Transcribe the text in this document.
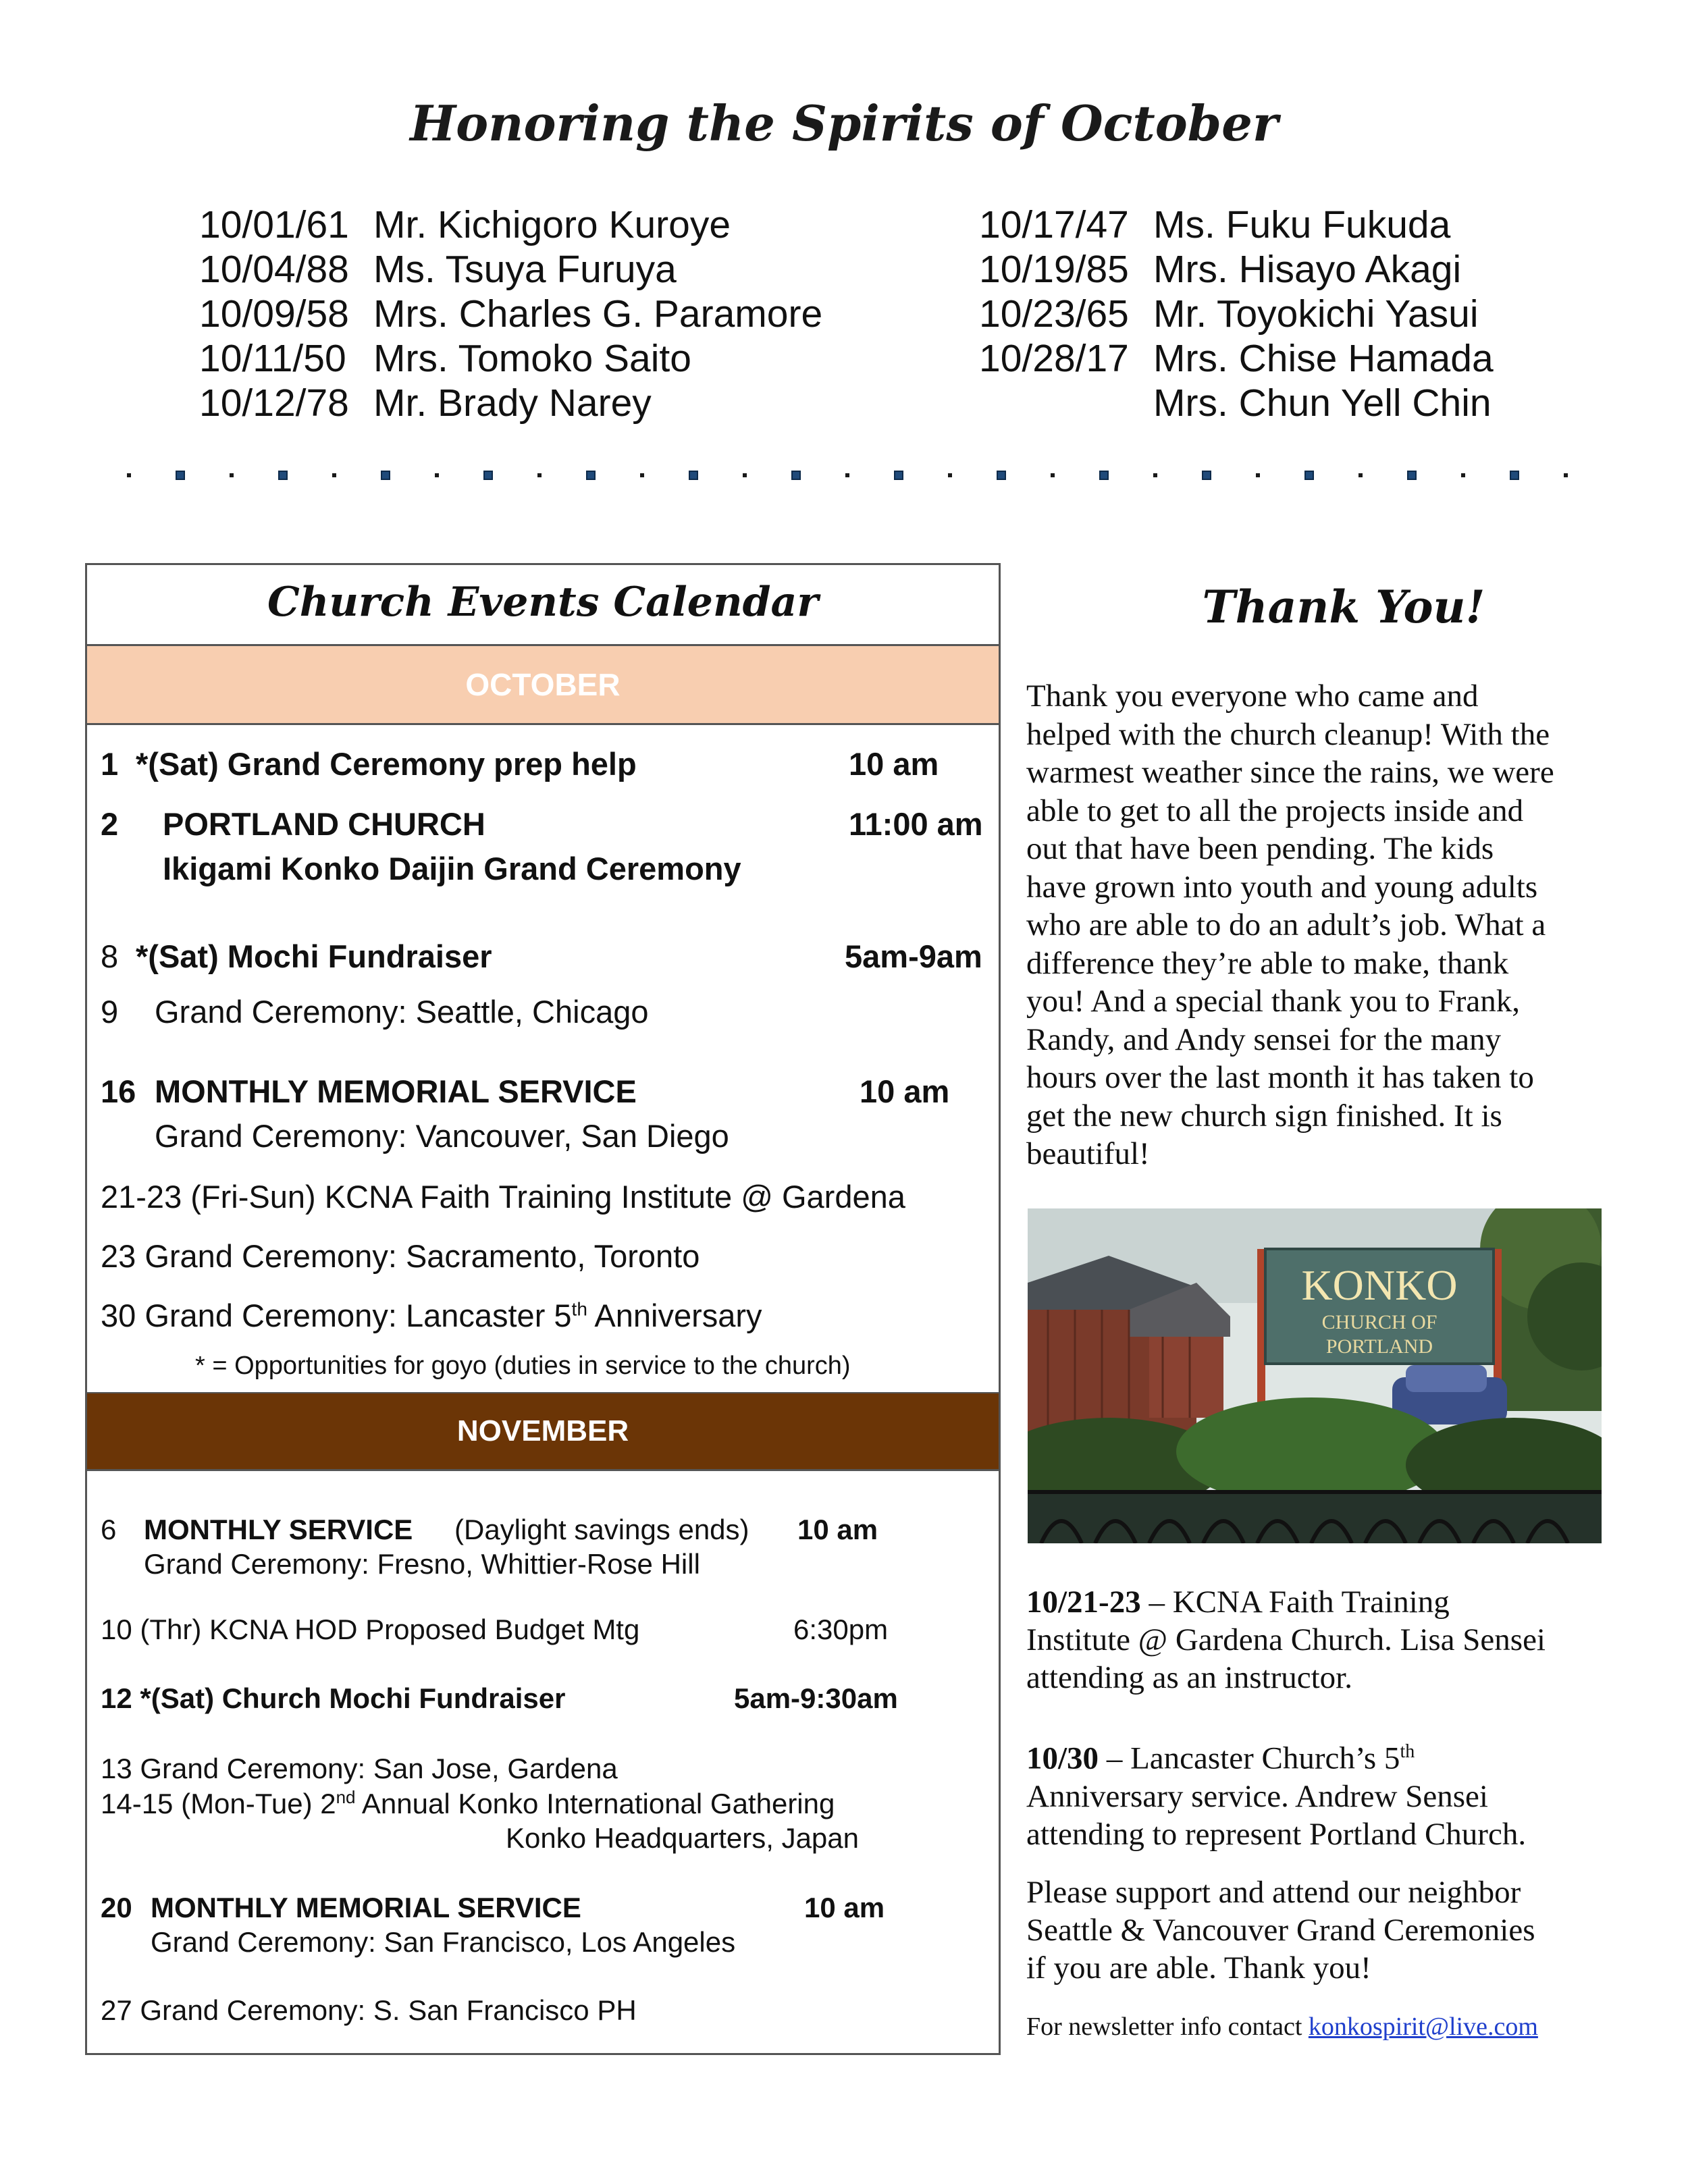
Honoring the Spirits of October
10/01/61 Mr. Kichigoro Kuroye
10/04/88 Ms. Tsuya Furuya
10/09/58 Mrs. Charles G. Paramore
10/11/50 Mrs. Tomoko Saito
10/12/78 Mr. Brady Narey
10/17/47 Ms. Fuku Fukuda
10/19/85 Mrs. Hisayo Akagi
10/23/65 Mr. Toyokichi Yasui
10/28/17 Mrs. Chise Hamada
Mrs. Chun Yell Chin
Church Events Calendar
OCTOBER
1 *(Sat) Grand Ceremony prep help	10 am
2 PORTLAND CHURCH	11:00 am
Ikigami Konko Daijin Grand Ceremony
8 *(Sat) Mochi Fundraiser	5am-9am
9 Grand Ceremony: Seattle, Chicago
16 MONTHLY MEMORIAL SERVICE	10 am
Grand Ceremony: Vancouver, San Diego
21-23 (Fri-Sun) KCNA Faith Training Institute @ Gardena
23 Grand Ceremony: Sacramento, Toronto
30 Grand Ceremony: Lancaster 5th Anniversary
* = Opportunities for goyo (duties in service to the church)
NOVEMBER
6 MONTHLY SERVICE (Daylight savings ends) 10 am
Grand Ceremony: Fresno, Whittier-Rose Hill
10 (Thr) KCNA HOD Proposed Budget Mtg	6:30pm
12 *(Sat) Church Mochi Fundraiser	5am-9:30am
13 Grand Ceremony: San Jose, Gardena
14-15 (Mon-Tue) 2nd Annual Konko International Gathering
Konko Headquarters, Japan
20 MONTHLY MEMORIAL SERVICE	10 am
Grand Ceremony: San Francisco, Los Angeles
27 Grand Ceremony: S. San Francisco PH
Thank You!
Thank you everyone who came and
helped with the church cleanup! With the
warmest weather since the rains, we were
able to get to all the projects inside and
out that have been pending. The kids
have grown into youth and young adults
who are able to do an adult’s job. What a
difference they’re able to make, thank
you! And a special thank you to Frank,
Randy, and Andy sensei for the many
hours over the last month it has taken to
get the new church sign finished. It is
beautiful!
KONKO
CHURCH OF
PORTLAND
10/21-23 – KCNA Faith Training
Institute @ Gardena Church. Lisa Sensei
attending as an instructor.
10/30 – Lancaster Church’s 5th
Anniversary service. Andrew Sensei
attending to represent Portland Church.
Please support and attend our neighbor
Seattle & Vancouver Grand Ceremonies
if you are able. Thank you!
For newsletter info contact konkospirit@live.com
